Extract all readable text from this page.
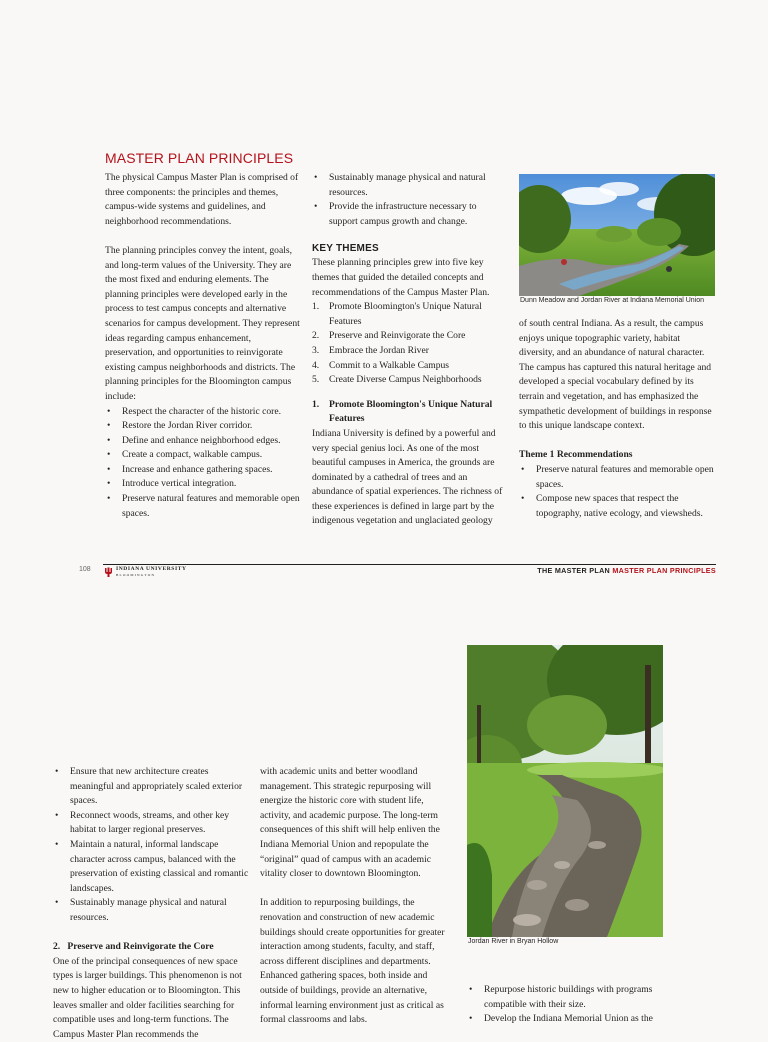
MASTER PLAN PRINCIPLES

The physical Campus Master Plan is comprised of three components: the principles and themes, campus-wide systems and guidelines, and neighborhood recommendations.

The planning principles convey the intent, goals, and long-term values of the University. They are the most fixed and enduring elements. The planning principles were developed early in the process to test campus concepts and alternative scenarios for campus development. They represent ideas regarding campus enhancement, preservation, and opportunities to reinvigorate existing campus neighborhoods and districts. The planning principles for the Bloomington campus include:

• Respect the character of the historic core.
• Restore the Jordan River corridor.
• Define and enhance neighborhood edges.
• Create a compact, walkable campus.
• Increase and enhance gathering spaces.
• Introduce vertical integration.
• Preserve natural features and memorable open spaces.
• Sustainably manage physical and natural resources.
• Provide the infrastructure necessary to support campus growth and change.
KEY THEMES

These planning principles grew into five key themes that guided the detailed concepts and recommendations of the Campus Master Plan.

1. Promote Bloomington's Unique Natural Features
2. Preserve and Reinvigorate the Core
3. Embrace the Jordan River
4. Commit to a Walkable Campus
5. Create Diverse Campus Neighborhoods
1. Promote Bloomington's Unique Natural Features

Indiana University is defined by a powerful and very special genius loci. As one of the most beautiful campuses in America, the grounds are dominated by a cathedral of trees and an abundance of spatial experiences. The richness of these experiences is defined in large part by the indigenous vegetation and unglaciated geology

Dunn Meadow and Jordan River at Indiana Memorial Union

of south central Indiana. As a result, the campus enjoys unique topographic variety, habitat diversity, and an abundance of natural character. The campus has captured this natural heritage and developed a special vocabulary defined by its terrain and vegetation, and has emphasized the sympathetic development of buildings in response to this unique landscape context.

Theme 1 Recommendations
• Preserve natural features and memorable open spaces.
• Compose new spaces that respect the topography, native ecology, and viewsheds.
108	INDIANA UNIVERSITY
BLOOMINGTON	THE MASTER PLAN MASTER PLAN PRINCIPLES
• Ensure that new architecture creates meaningful and appropriately scaled exterior spaces.
• Reconnect woods, streams, and other key habitat to larger regional preserves.
• Maintain a natural, informal landscape character across campus, balanced with the preservation of existing classical and romantic landscapes.
• Sustainably manage physical and natural resources.
2. Preserve and Reinvigorate the Core

One of the principal consequences of new space types is larger buildings. This phenomenon is not new to higher education or to Bloomington. This leaves smaller and older facilities searching for compatible uses and long-term functions. The Campus Master Plan recommends the

with academic units and better woodland management. This strategic repurposing will energize the historic core with student life, activity, and academic purpose. The long-term consequences of this shift will help enliven the Indiana Memorial Union and repopulate the “original” quad of campus with an academic vitality closer to downtown Bloomington.

In addition to repurposing buildings, the renovation and construction of new academic buildings should create opportunities for greater interaction among students, faculty, and staff, across different disciplines and departments. Enhanced gathering spaces, both inside and outside of buildings, provide an alternative, informal learning environment just as critical as formal classrooms and labs.

Jordan River in Bryan Hollow
• Repurpose historic buildings with programs compatible with their size.
• Develop the Indiana Memorial Union as the
